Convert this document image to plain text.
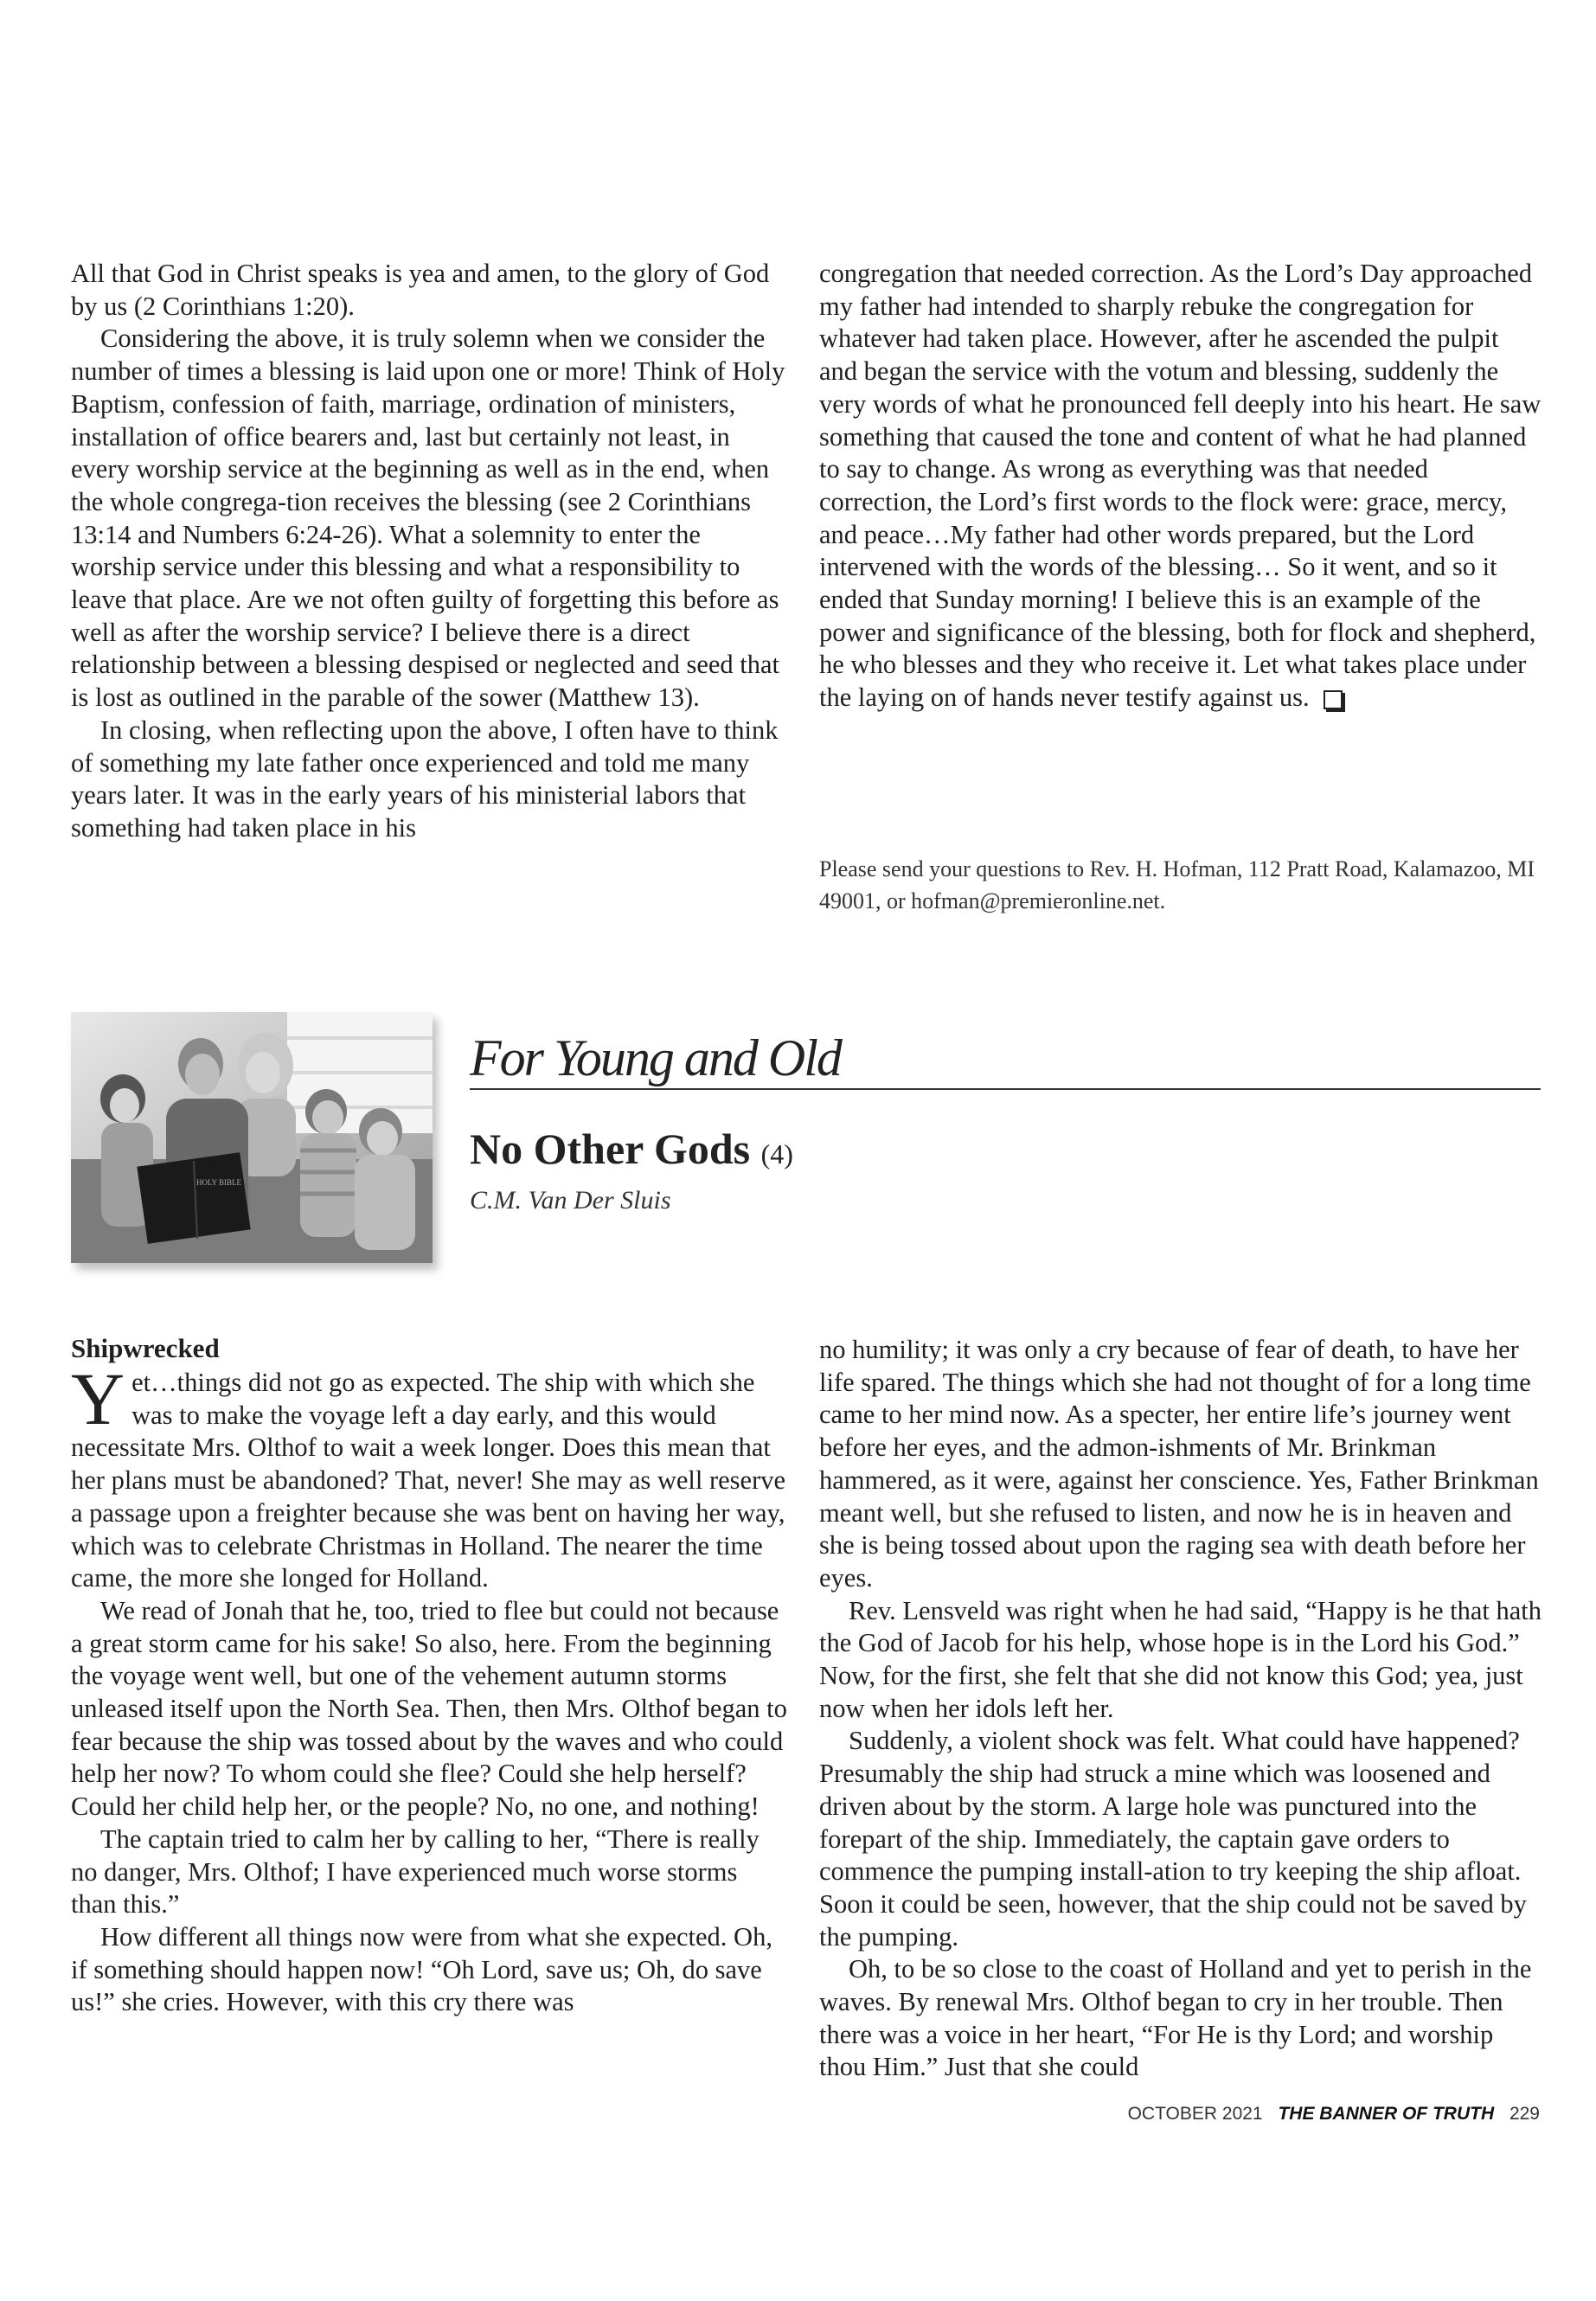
All that God in Christ speaks is yea and amen, to the glory of God by us (2 Corinthians 1:20).

Considering the above, it is truly solemn when we consider the number of times a blessing is laid upon one or more! Think of Holy Baptism, confession of faith, marriage, ordination of ministers, installation of office bearers and, last but certainly not least, in every worship service at the beginning as well as in the end, when the whole congrega-tion receives the blessing (see 2 Corinthians 13:14 and Numbers 6:24-26). What a solemnity to enter the worship service under this blessing and what a responsibility to leave that place. Are we not often guilty of forgetting this before as well as after the worship service? I believe there is a direct relationship between a blessing despised or neglected and seed that is lost as outlined in the parable of the sower (Matthew 13).

In closing, when reflecting upon the above, I often have to think of something my late father once experienced and told me many years later. It was in the early years of his ministerial labors that something had taken place in his

congregation that needed correction. As the Lord’s Day approached my father had intended to sharply rebuke the congregation for whatever had taken place. However, after he ascended the pulpit and began the service with the votum and blessing, suddenly the very words of what he pronounced fell deeply into his heart. He saw something that caused the tone and content of what he had planned to say to change. As wrong as everything was that needed correction, the Lord’s first words to the flock were: grace, mercy, and peace…My father had other words prepared, but the Lord intervened with the words of the blessing… So it went, and so it ended that Sunday morning! I believe this is an example of the power and significance of the blessing, both for flock and shepherd, he who blesses and they who receive it. Let what takes place under the laying on of hands never testify against us.

Please send your questions to Rev. H. Hofman, 112 Pratt Road, Kalamazoo, MI 49001, or hofman@premieronline.net.
HOLY BIBLE
For Young and Old
No Other Gods (4)
C.M. Van Der Sluis
Shipwrecked

Yet…things did not go as expected. The ship with which she was to make the voyage left a day early, and this would necessitate Mrs. Olthof to wait a week longer. Does this mean that her plans must be abandoned? That, never! She may as well reserve a passage upon a freighter because she was bent on having her way, which was to celebrate Christmas in Holland. The nearer the time came, the more she longed for Holland.

We read of Jonah that he, too, tried to flee but could not because a great storm came for his sake! So also, here. From the beginning the voyage went well, but one of the vehement autumn storms unleased itself upon the North Sea. Then, then Mrs. Olthof began to fear because the ship was tossed about by the waves and who could help her now? To whom could she flee? Could she help herself? Could her child help her, or the people? No, no one, and nothing!

The captain tried to calm her by calling to her, “There is really no danger, Mrs. Olthof; I have experienced much worse storms than this.”

How different all things now were from what she expected. Oh, if something should happen now! “Oh Lord, save us; Oh, do save us!” she cries. However, with this cry there was

no humility; it was only a cry because of fear of death, to have her life spared. The things which she had not thought of for a long time came to her mind now. As a specter, her entire life’s journey went before her eyes, and the admon-ishments of Mr. Brinkman hammered, as it were, against her conscience. Yes, Father Brinkman meant well, but she refused to listen, and now he is in heaven and she is being tossed about upon the raging sea with death before her eyes.

Rev. Lensveld was right when he had said, “Happy is he that hath the God of Jacob for his help, whose hope is in the Lord his God.” Now, for the first, she felt that she did not know this God; yea, just now when her idols left her.

Suddenly, a violent shock was felt. What could have happened? Presumably the ship had struck a mine which was loosened and driven about by the storm. A large hole was punctured into the forepart of the ship. Immediately, the captain gave orders to commence the pumping install-ation to try keeping the ship afloat. Soon it could be seen, however, that the ship could not be saved by the pumping.

Oh, to be so close to the coast of Holland and yet to perish in the waves. By renewal Mrs. Olthof began to cry in her trouble. Then there was a voice in her heart, “For He is thy Lord; and worship thou Him.” Just that she could

OCTOBER 2021 THE BANNER OF TRUTH 229
